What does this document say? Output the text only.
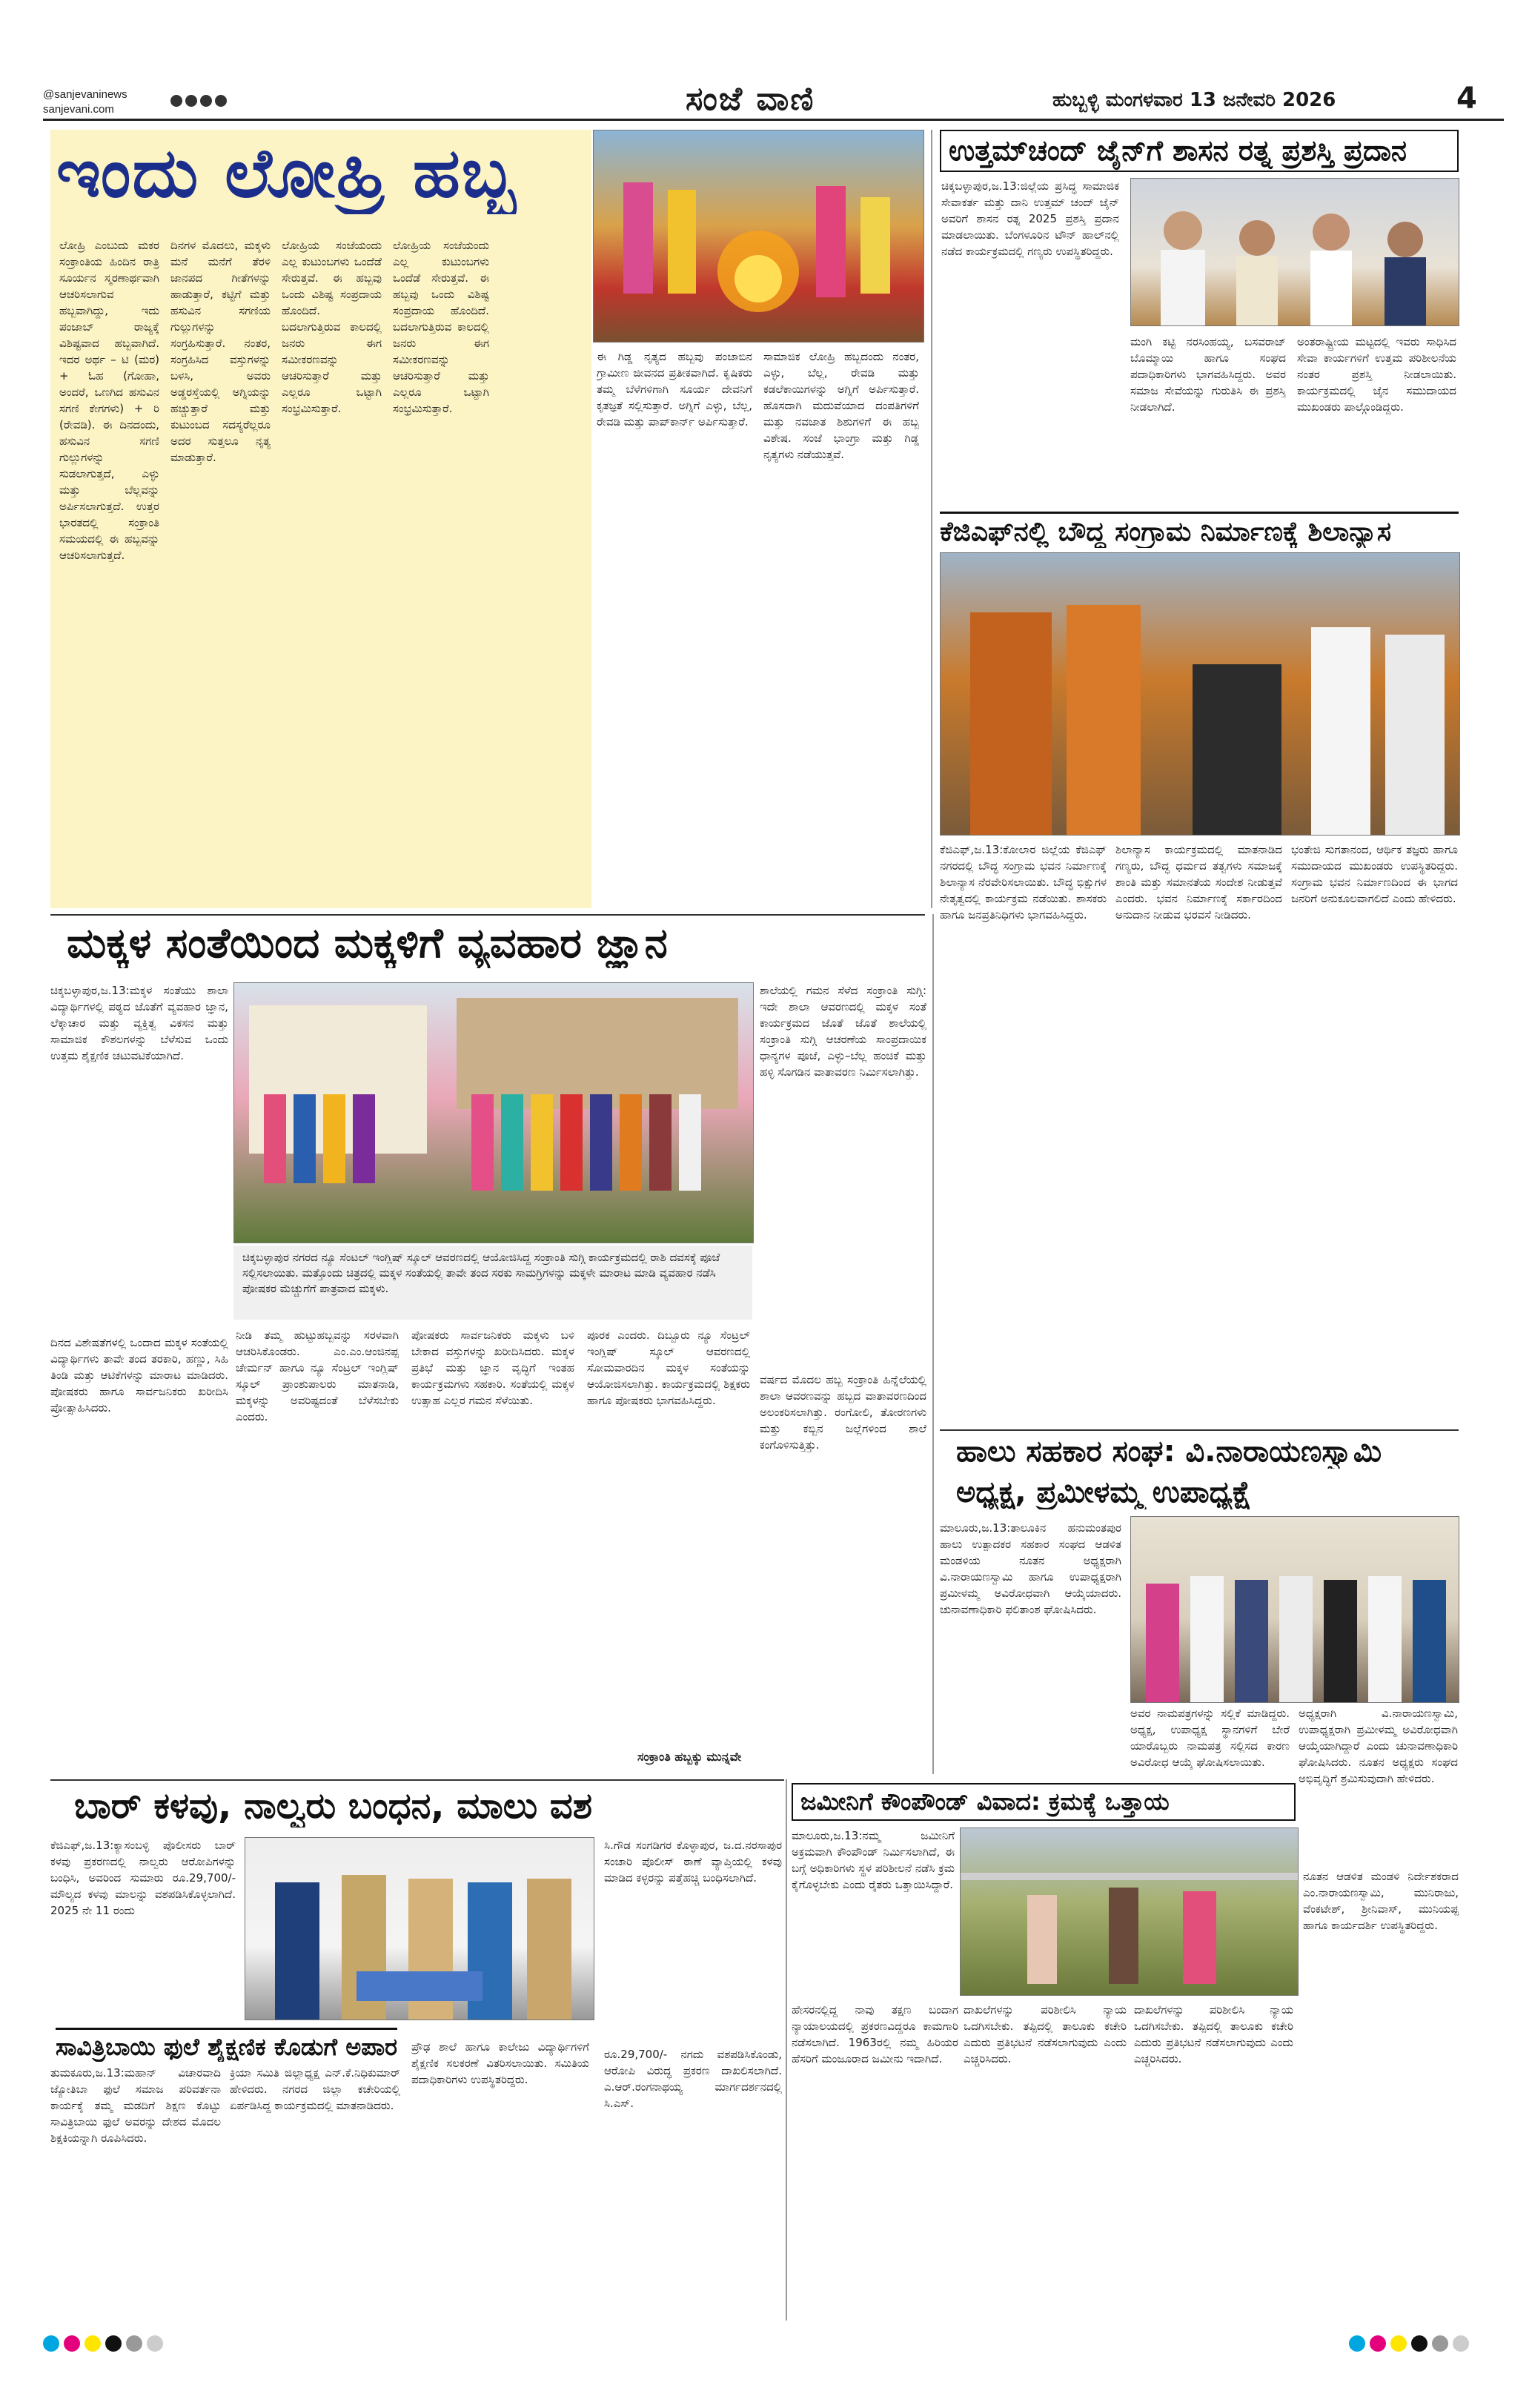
@sanjevaninews
sanjevani.com	ಸಂಜೆ ವಾಣಿ	ಹುಬ್ಬಳ್ಳಿ ಮಂಗಳವಾರ 13 ಜನೇವರಿ 2026	4
ಇಂದು ಲೋಹ್ರಿ ಹಬ್ಬ
ಲೋಹ್ರಿ ಎಂಬುದು ಮಕರ ಸಂಕ್ರಾಂತಿಯ ಹಿಂದಿನ ರಾತ್ರಿ ಸೂರ್ಯನ ಸ್ಮರಣಾರ್ಥವಾಗಿ ಆಚರಿಸಲಾಗುವ ಹಬ್ಬವಾಗಿದ್ದು, ಇದು ಪಂಜಾಬ್ ರಾಜ್ಯಕ್ಕೆ ವಿಶಿಷ್ಟವಾದ ಹಬ್ಬವಾಗಿದೆ. ಇದರ ಅರ್ಥ – ಟಿ (ಮರ) + ಓಹ (ಗೋಹಾ, ಅಂದರೆ, ಒಣಗಿದ ಹಸುವಿನ ಸಗಣಿ ಕೇಗಗಳು) + ರಿ (ರೇವಡಿ). ಈ ದಿನದಂದು, ಹಸುವಿನ ಸಗಣಿ ಗುಲ್ಲುಗಳನ್ನು ಸುಡಲಾಗುತ್ತದೆ, ಎಳ್ಳು ಮತ್ತು ಬೆಲ್ಲವನ್ನು ಅರ್ಪಿಸಲಾಗುತ್ತದೆ. ಉತ್ತರ ಭಾರತದಲ್ಲಿ ಸಂಕ್ರಾಂತಿ ಸಮಯದಲ್ಲಿ ಈ ಹಬ್ಬವನ್ನು ಆಚರಿಸಲಾಗುತ್ತದೆ.
ದಿನಗಳ ಮೊದಲು, ಮಕ್ಕಳು ಮನೆ ಮನೆಗೆ ತೆರಳಿ ಜಾನಪದ ಗೀತೆಗಳನ್ನು ಹಾಡುತ್ತಾರೆ, ಕಟ್ಟಿಗೆ ಮತ್ತು ಹಸುವಿನ ಸಗಣಿಯ ಗುಲ್ಲುಗಳನ್ನು ಸಂಗ್ರಹಿಸುತ್ತಾರೆ. ನಂತರ, ಸಂಗ್ರಹಿಸಿದ ವಸ್ತುಗಳನ್ನು ಬಳಸಿ, ಅವರು ಅಡ್ಡರಸ್ತೆಯಲ್ಲಿ ಅಗ್ನಿಯನ್ನು ಹಚ್ಚುತ್ತಾರೆ ಮತ್ತು ಕುಟುಂಬದ ಸದಸ್ಯರೆಲ್ಲರೂ ಅದರ ಸುತ್ತಲೂ ನೃತ್ಯ ಮಾಡುತ್ತಾರೆ.
ಲೋಹ್ರಿಯ ಸಂಜೆಯಂದು ಎಲ್ಲ ಕುಟುಂಬಗಳು ಒಂದೆಡೆ ಸೇರುತ್ತವೆ. ಈ ಹಬ್ಬವು ಒಂದು ವಿಶಿಷ್ಟ ಸಂಪ್ರದಾಯ ಹೊಂದಿದೆ. ಬದಲಾಗುತ್ತಿರುವ ಕಾಲದಲ್ಲಿ ಜನರು ಈಗ ಸಮೀಕರಣವನ್ನು ಆಚರಿಸುತ್ತಾರೆ ಮತ್ತು ಎಲ್ಲರೂ ಒಟ್ಟಾಗಿ ಸಂಭ್ರಮಿಸುತ್ತಾರೆ.
ಲೋಹ್ರಿಯ ಸಂಜೆಯಂದು ಎಲ್ಲ ಕುಟುಂಬಗಳು ಒಂದೆಡೆ ಸೇರುತ್ತವೆ. ಈ ಹಬ್ಬವು ಒಂದು ವಿಶಿಷ್ಟ ಸಂಪ್ರದಾಯ ಹೊಂದಿದೆ. ಬದಲಾಗುತ್ತಿರುವ ಕಾಲದಲ್ಲಿ ಜನರು ಈಗ ಸಮೀಕರಣವನ್ನು ಆಚರಿಸುತ್ತಾರೆ ಮತ್ತು ಎಲ್ಲರೂ ಒಟ್ಟಾಗಿ ಸಂಭ್ರಮಿಸುತ್ತಾರೆ.
ಈ ಗಿಡ್ಡ ನೃತ್ಯದ ಹಬ್ಬವು ಪಂಜಾಬಿನ ಗ್ರಾಮೀಣ ಜೀವನದ ಪ್ರತೀಕವಾಗಿದೆ. ಕೃಷಿಕರು ತಮ್ಮ ಬೆಳೆಗಳಿಗಾಗಿ ಸೂರ್ಯ ದೇವನಿಗೆ ಕೃತಜ್ಞತೆ ಸಲ್ಲಿಸುತ್ತಾರೆ. ಅಗ್ನಿಗೆ ಎಳ್ಳು, ಬೆಲ್ಲ, ರೇವಡಿ ಮತ್ತು ಪಾಪ್‌ಕಾರ್ನ್ ಅರ್ಪಿಸುತ್ತಾರೆ.
ಸಾಮಾಜಿಕ ಲೋಹ್ರಿ ಹಬ್ಬದಂದು ನಂತರ, ಎಳ್ಳು, ಬೆಲ್ಲ, ರೇವಡಿ ಮತ್ತು ಕಡಲೆಕಾಯಿಗಳನ್ನು ಅಗ್ನಿಗೆ ಅರ್ಪಿಸುತ್ತಾರೆ. ಹೊಸದಾಗಿ ಮದುವೆಯಾದ ದಂಪತಿಗಳಿಗೆ ಮತ್ತು ನವಜಾತ ಶಿಶುಗಳಿಗೆ ಈ ಹಬ್ಬ ವಿಶೇಷ. ಸಂಜೆ ಭಾಂಗ್ರಾ ಮತ್ತು ಗಿಡ್ಡ ನೃತ್ಯಗಳು ನಡೆಯುತ್ತವೆ.
ಉತ್ತಮ್‌ಚಂದ್ ಜೈನ್‌ಗೆ ಶಾಸನ ರತ್ನ ಪ್ರಶಸ್ತಿ ಪ್ರದಾನ
ಚಿಕ್ಕಬಳ್ಳಾಪುರ,ಜ.13:ಜಿಲ್ಲೆಯ ಪ್ರಸಿದ್ಧ ಸಾಮಾಜಿಕ ಸೇವಾಕರ್ತ ಮತ್ತು ದಾನಿ ಉತ್ತಮ್ ಚಂದ್ ಜೈನ್ ಅವರಿಗೆ ಶಾಸನ ರತ್ನ 2025 ಪ್ರಶಸ್ತಿ ಪ್ರದಾನ ಮಾಡಲಾಯಿತು. ಬೆಂಗಳೂರಿನ ಟೌನ್ ಹಾಲ್‌ನಲ್ಲಿ ನಡೆದ ಕಾರ್ಯಕ್ರಮದಲ್ಲಿ ಗಣ್ಯರು ಉಪಸ್ಥಿತರಿದ್ದರು.
ಮಂಗಿ ಕಟ್ಟಿ ನರಸಿಂಹಯ್ಯ, ಬಸವರಾಜ್ ಬೊಮ್ಮಾಯಿ ಹಾಗೂ ಸಂಘದ ಪದಾಧಿಕಾರಿಗಳು ಭಾಗವಹಿಸಿದ್ದರು. ಅವರ ಸಮಾಜ ಸೇವೆಯನ್ನು ಗುರುತಿಸಿ ಈ ಪ್ರಶಸ್ತಿ ನೀಡಲಾಗಿದೆ.
ಅಂತರಾಷ್ಟ್ರೀಯ ಮಟ್ಟದಲ್ಲಿ ಇವರು ಸಾಧಿಸಿದ ಸೇವಾ ಕಾರ್ಯಗಳಿಗೆ ಉತ್ತಮ ಪರಿಶೀಲನೆಯ ನಂತರ ಪ್ರಶಸ್ತಿ ನೀಡಲಾಯಿತು. ಕಾರ್ಯಕ್ರಮದಲ್ಲಿ ಜೈನ ಸಮುದಾಯದ ಮುಖಂಡರು ಪಾಲ್ಗೊಂಡಿದ್ದರು.
ಕೆಜಿಎಫ್‌ನಲ್ಲಿ ಬೌದ್ಧ ಸಂಗ್ರಾಮ ನಿರ್ಮಾಣಕ್ಕೆ ಶಿಲಾನ್ಯಾಸ
ಕೆಜಿಎಫ್,ಜ.13:ಕೋಲಾರ ಜಿಲ್ಲೆಯ ಕೆಜಿಎಫ್ ನಗರದಲ್ಲಿ ಬೌದ್ಧ ಸಂಗ್ರಾಮ ಭವನ ನಿರ್ಮಾಣಕ್ಕೆ ಶಿಲಾನ್ಯಾಸ ನೆರವೇರಿಸಲಾಯಿತು. ಬೌದ್ಧ ಭಿಕ್ಷುಗಳ ನೇತೃತ್ವದಲ್ಲಿ ಕಾರ್ಯಕ್ರಮ ನಡೆಯಿತು. ಶಾಸಕರು ಹಾಗೂ ಜನಪ್ರತಿನಿಧಿಗಳು ಭಾಗವಹಿಸಿದ್ದರು.
ಶಿಲಾನ್ಯಾಸ ಕಾರ್ಯಕ್ರಮದಲ್ಲಿ ಮಾತನಾಡಿದ ಗಣ್ಯರು, ಬೌದ್ಧ ಧರ್ಮದ ತತ್ವಗಳು ಸಮಾಜಕ್ಕೆ ಶಾಂತಿ ಮತ್ತು ಸಮಾನತೆಯ ಸಂದೇಶ ನೀಡುತ್ತವೆ ಎಂದರು. ಭವನ ನಿರ್ಮಾಣಕ್ಕೆ ಸರ್ಕಾರದಿಂದ ಅನುದಾನ ನೀಡುವ ಭರವಸೆ ನೀಡಿದರು.
ಭಂತೇಜಿ ಸುಗತಾನಂದ, ಆರ್ಥಿಕ ತಜ್ಞರು ಹಾಗೂ ಸಮುದಾಯದ ಮುಖಂಡರು ಉಪಸ್ಥಿತರಿದ್ದರು. ಸಂಗ್ರಾಮ ಭವನ ನಿರ್ಮಾಣದಿಂದ ಈ ಭಾಗದ ಜನರಿಗೆ ಅನುಕೂಲವಾಗಲಿದೆ ಎಂದು ಹೇಳಿದರು.
ಮಕ್ಕಳ ಸಂತೆಯಿಂದ ಮಕ್ಕಳಿಗೆ ವ್ಯವಹಾರ ಜ್ಞಾನ
ಚಿಕ್ಕಬಳ್ಳಾಪುರ,ಜ.13:ಮಕ್ಕಳ ಸಂತೆಯು ಶಾಲಾ ವಿದ್ಯಾರ್ಥಿಗಳಲ್ಲಿ ಪಠ್ಯದ ಜೊತೆಗೆ ವ್ಯವಹಾರ ಜ್ಞಾನ, ಲೆಕ್ಕಾಚಾರ ಮತ್ತು ವ್ಯಕ್ತಿತ್ವ ವಿಕಸನ ಮತ್ತು ಸಾಮಾಜಿಕ ಕೌಶಲಗಳನ್ನು ಬೆಳೆಸುವ ಒಂದು ಉತ್ತಮ ಶೈಕ್ಷಣಿಕ ಚಟುವಟಿಕೆಯಾಗಿದೆ.
ಶಾಲೆಯಲ್ಲಿ ಗಮನ ಸೆಳೆದ ಸಂಕ್ರಾಂತಿ ಸುಗ್ಗಿ: ಇದೇ ಶಾಲಾ ಆವರಣದಲ್ಲಿ ಮಕ್ಕಳ ಸಂತೆ ಕಾರ್ಯಕ್ರಮದ ಜೊತೆ ಜೊತೆ ಶಾಲೆಯಲ್ಲಿ ಸಂಕ್ರಾಂತಿ ಸುಗ್ಗಿ ಆಚರಣೆಯ ಸಾಂಪ್ರದಾಯಿಕ ಧಾನ್ಯಗಳ ಪೂಜೆ, ಎಳ್ಳು–ಬೆಲ್ಲ ಹಂಚಿಕೆ ಮತ್ತು ಹಳ್ಳಿ ಸೊಗಡಿನ ವಾತಾವರಣ ನಿರ್ಮಿಸಲಾಗಿತ್ತು.
ಚಿಕ್ಕಬಳ್ಳಾಪುರ ನಗರದ ನ್ಯೂ ಸೆಂಟಲ್ ಇಂಗ್ಲಿಷ್ ಸ್ಕೂಲ್ ಆವರಣದಲ್ಲಿ ಆಯೋಜಿಸಿದ್ದ ಸಂಕ್ರಾಂತಿ ಸುಗ್ಗಿ ಕಾರ್ಯಕ್ರಮದಲ್ಲಿ ರಾಶಿ ದವಸಕ್ಕೆ ಪೂಜೆ ಸಲ್ಲಿಸಲಾಯಿತು. ಮತ್ತೊಂದು ಚಿತ್ರದಲ್ಲಿ ಮಕ್ಕಳ ಸಂತೆಯಲ್ಲಿ ತಾವೇ ತಂದ ಸರಕು ಸಾಮಗ್ರಿಗಳನ್ನು ಮಕ್ಕಳೇ ಮಾರಾಟ ಮಾಡಿ ವ್ಯವಹಾರ ನಡೆಸಿ ಪೋಷಕರ ಮೆಚ್ಚುಗೆಗೆ ಪಾತ್ರವಾದ ಮಕ್ಕಳು.
ದಿನದ ವಿಶೇಷತೆಗಳಲ್ಲಿ ಒಂದಾದ ಮಕ್ಕಳ ಸಂತೆಯಲ್ಲಿ ವಿದ್ಯಾರ್ಥಿಗಳು ತಾವೇ ತಂದ ತರಕಾರಿ, ಹಣ್ಣು, ಸಿಹಿ ತಿಂಡಿ ಮತ್ತು ಆಟಿಕೆಗಳನ್ನು ಮಾರಾಟ ಮಾಡಿದರು. ಪೋಷಕರು ಹಾಗೂ ಸಾರ್ವಜನಿಕರು ಖರೀದಿಸಿ ಪ್ರೋತ್ಸಾಹಿಸಿದರು.
ನೀಡಿ ತಮ್ಮ ಹುಟ್ಟುಹಬ್ಬವನ್ನು ಸರಳವಾಗಿ ಆಚರಿಸಿಕೊಂಡರು. ಎಂ.ಎಂ.ಆಂಜಿನಪ್ಪ ಚೇರ್ಮನ್ ಹಾಗೂ ನ್ಯೂ ಸೆಂಟ್ರಲ್ ಇಂಗ್ಲಿಷ್ ಸ್ಕೂಲ್ ಪ್ರಾಂಶುಪಾಲರು ಮಾತನಾಡಿ, ಮಕ್ಕಳನ್ನು ಅವರಿಷ್ಟದಂತೆ ಬೆಳೆಸಬೇಕು ಎಂದರು.
ಪೋಷಕರು ಸಾರ್ವಜನಿಕರು ಮಕ್ಕಳು ಬಳಿ ಬೇಕಾದ ವಸ್ತುಗಳನ್ನು ಖರೀದಿಸಿದರು. ಮಕ್ಕಳ ಪ್ರತಿಭೆ ಮತ್ತು ಜ್ಞಾನ ವೃದ್ಧಿಗೆ ಇಂತಹ ಕಾರ್ಯಕ್ರಮಗಳು ಸಹಕಾರಿ. ಸಂತೆಯಲ್ಲಿ ಮಕ್ಕಳ ಉತ್ಸಾಹ ಎಲ್ಲರ ಗಮನ ಸೆಳೆಯಿತು.
ಪೂರಕ ಎಂದರು. ದಿಬ್ಬೂರು ನ್ಯೂ ಸೆಂಟ್ರಲ್ ಇಂಗ್ಲಿಷ್ ಸ್ಕೂಲ್ ಆವರಣದಲ್ಲಿ ಸೋಮವಾರದಿನ ಮಕ್ಕಳ ಸಂತೆಯನ್ನು ಆಯೋಜಿಸಲಾಗಿತ್ತು. ಕಾರ್ಯಕ್ರಮದಲ್ಲಿ ಶಿಕ್ಷಕರು ಹಾಗೂ ಪೋಷಕರು ಭಾಗವಹಿಸಿದ್ದರು.
ವರ್ಷದ ಮೊದಲ ಹಬ್ಬ ಸಂಕ್ರಾಂತಿ ಹಿನ್ನೆಲೆಯಲ್ಲಿ ಶಾಲಾ ಆವರಣವನ್ನು ಹಬ್ಬದ ವಾತಾವರಣದಿಂದ ಅಲಂಕರಿಸಲಾಗಿತ್ತು. ರಂಗೋಲಿ, ತೋರಣಗಳು ಮತ್ತು ಕಬ್ಬಿನ ಜಲ್ಲೆಗಳಿಂದ ಶಾಲೆ ಕಂಗೊಳಿಸುತ್ತಿತ್ತು.
ಸಂಕ್ರಾಂತಿ ಹಬ್ಬಕ್ಕು ಮುನ್ನವೇ
ಹಾಲು ಸಹಕಾರ ಸಂಘ: ವಿ.ನಾರಾಯಣಸ್ವಾಮಿ
ಅಧ್ಯಕ್ಷ, ಪ್ರಮೀಳಮ್ಮ ಉಪಾಧ್ಯಕ್ಷೆ
ಮಾಲೂರು,ಜ.13:ತಾಲೂಕಿನ ಹನುಮಂತಪುರ ಹಾಲು ಉತ್ಪಾದಕರ ಸಹಕಾರ ಸಂಘದ ಆಡಳಿತ ಮಂಡಳಿಯ ನೂತನ ಅಧ್ಯಕ್ಷರಾಗಿ ವಿ.ನಾರಾಯಣಸ್ವಾಮಿ ಹಾಗೂ ಉಪಾಧ್ಯಕ್ಷರಾಗಿ ಪ್ರಮೀಳಮ್ಮ ಅವಿರೋಧವಾಗಿ ಆಯ್ಕೆಯಾದರು. ಚುನಾವಣಾಧಿಕಾರಿ ಫಲಿತಾಂಶ ಘೋಷಿಸಿದರು.
ಅವರ ನಾಮಪತ್ರಗಳನ್ನು ಸಲ್ಲಿಕೆ ಮಾಡಿದ್ದರು. ಅಧ್ಯಕ್ಷ, ಉಪಾಧ್ಯಕ್ಷ ಸ್ಥಾನಗಳಿಗೆ ಬೇರೆ ಯಾರೊಬ್ಬರು ನಾಮಪತ್ರ ಸಲ್ಲಿಸದ ಕಾರಣ ಅವಿರೋಧ ಆಯ್ಕೆ ಘೋಷಿಸಲಾಯಿತು.
ಅಧ್ಯಕ್ಷರಾಗಿ ವಿ.ನಾರಾಯಣಸ್ವಾಮಿ, ಉಪಾಧ್ಯಕ್ಷರಾಗಿ ಪ್ರಮೀಳಮ್ಮ ಅವಿರೋಧವಾಗಿ ಆಯ್ಕೆಯಾಗಿದ್ದಾರೆ ಎಂದು ಚುನಾವಣಾಧಿಕಾರಿ ಘೋಷಿಸಿದರು. ನೂತನ ಅಧ್ಯಕ್ಷರು ಸಂಘದ ಅಭಿವೃದ್ಧಿಗೆ ಶ್ರಮಿಸುವುದಾಗಿ ಹೇಳಿದರು.
ಬಾರ್ ಕಳವು, ನಾಲ್ವರು ಬಂಧನ, ಮಾಲು ವಶ
ಕೆಜಿಎಫ್,ಜ.13:ಕ್ಯಾಸಂಬಳ್ಳಿ ಪೊಲೀಸರು ಬಾರ್ ಕಳವು ಪ್ರಕರಣದಲ್ಲಿ ನಾಲ್ವರು ಆರೋಪಿಗಳನ್ನು ಬಂಧಿಸಿ, ಅವರಿಂದ ಸುಮಾರು ರೂ.29,700/- ಮೌಲ್ಯದ ಕಳವು ಮಾಲನ್ನು ವಶಪಡಿಸಿಕೊಳ್ಳಲಾಗಿದೆ. 2025 ನೇ 11 ರಂದು
ಸಿ.ಗೌಡ ಸಂಗಡಿಗರ ಕೊಳ್ಳಾಪುರ, ಜ.ದ.ನರಸಾಪುರ ಸಂಚಾರಿ ಪೊಲೀಸ್ ಠಾಣೆ ವ್ಯಾಪ್ತಿಯಲ್ಲಿ ಕಳವು ಮಾಡಿದ ಕಳ್ಳರನ್ನು ಪತ್ತೆಹಚ್ಚಿ ಬಂಧಿಸಲಾಗಿದೆ.
ಸಾವಿತ್ರಿಬಾಯಿ ಫುಲೆ ಶೈಕ್ಷಣಿಕ ಕೊಡುಗೆ ಅಪಾರ
ತುಮಕೂರು,ಜ.13:ಮಹಾನ್ ವಿಚಾರವಾದಿ ಜ್ಯೋತಿಬಾ ಫುಲೆ ಸಮಾಜ ಪರಿವರ್ತನಾ ಕಾರ್ಯಕ್ಕೆ ತಮ್ಮ ಮಡದಿಗೆ ಶಿಕ್ಷಣ ಕೊಟ್ಟು ಸಾವಿತ್ರಿಬಾಯಿ ಫುಲೆ ಅವರನ್ನು ದೇಶದ ಮೊದಲ ಶಿಕ್ಷಕಿಯನ್ನಾಗಿ ರೂಪಿಸಿದರು.
ಕ್ರಿಯಾ ಸಮಿತಿ ಜಿಲ್ಲಾಧ್ಯಕ್ಷ ಎನ್.ಕೆ.ನಿಧಿಕುಮಾರ್ ಹೇಳಿದರು. ನಗರದ ಜಿಲ್ಲಾ ಕಚೇರಿಯಲ್ಲಿ ಏರ್ಪಡಿಸಿದ್ದ ಕಾರ್ಯಕ್ರಮದಲ್ಲಿ ಮಾತನಾಡಿದರು.
ಪ್ರೌಢ ಶಾಲೆ ಹಾಗೂ ಕಾಲೇಜು ವಿದ್ಯಾರ್ಥಿಗಳಿಗೆ ಶೈಕ್ಷಣಿಕ ಸಲಕರಣೆ ವಿತರಿಸಲಾಯಿತು. ಸಮಿತಿಯ ಪದಾಧಿಕಾರಿಗಳು ಉಪಸ್ಥಿತರಿದ್ದರು.
ರೂ.29,700/- ನಗದು ವಶಪಡಿಸಿಕೊಂಡು, ಆರೋಪಿ ವಿರುದ್ಧ ಪ್ರಕರಣ ದಾಖಲಿಸಲಾಗಿದೆ. ಎ.ಆರ್.ರಂಗನಾಥಯ್ಯ ಮಾರ್ಗದರ್ಶನದಲ್ಲಿ ಸಿ.ಎಸ್.
ಜಮೀನಿಗೆ ಕೌಂಪೌಂಡ್ ವಿವಾದ: ಕ್ರಮಕ್ಕೆ ಒತ್ತಾಯ
ಮಾಲೂರು,ಜ.13:ನಮ್ಮ ಜಮೀನಿಗೆ ಅಕ್ರಮವಾಗಿ ಕೌಂಪೌಂಡ್ ನಿರ್ಮಿಸಲಾಗಿದೆ, ಈ ಬಗ್ಗೆ ಅಧಿಕಾರಿಗಳು ಸ್ಥಳ ಪರಿಶೀಲನೆ ನಡೆಸಿ ಕ್ರಮ ಕೈಗೊಳ್ಳಬೇಕು ಎಂದು ರೈತರು ಒತ್ತಾಯಿಸಿದ್ದಾರೆ.
ಹೇಸರನಲ್ಲಿದ್ದ ನಾವು ತಕ್ಷಣ ಬಂದಾಗ ನ್ಯಾಯಾಲಯದಲ್ಲಿ ಪ್ರಕರಣವಿದ್ದರೂ ಕಾಮಗಾರಿ ನಡೆಸಲಾಗಿದೆ. 1963ರಲ್ಲಿ ನಮ್ಮ ಹಿರಿಯರ ಹೆಸರಿಗೆ ಮಂಜೂರಾದ ಜಮೀನು ಇದಾಗಿದೆ.
ದಾಖಲೆಗಳನ್ನು ಪರಿಶೀಲಿಸಿ ನ್ಯಾಯ ಒದಗಿಸಬೇಕು. ತಪ್ಪಿದಲ್ಲಿ ತಾಲೂಕು ಕಚೇರಿ ಎದುರು ಪ್ರತಿಭಟನೆ ನಡೆಸಲಾಗುವುದು ಎಂದು ಎಚ್ಚರಿಸಿದರು.
ದಾಖಲೆಗಳನ್ನು ಪರಿಶೀಲಿಸಿ ನ್ಯಾಯ ಒದಗಿಸಬೇಕು. ತಪ್ಪಿದಲ್ಲಿ ತಾಲೂಕು ಕಚೇರಿ ಎದುರು ಪ್ರತಿಭಟನೆ ನಡೆಸಲಾಗುವುದು ಎಂದು ಎಚ್ಚರಿಸಿದರು.
ನೂತನ ಆಡಳಿತ ಮಂಡಳಿ ನಿರ್ದೇಶಕರಾದ ಎಂ.ನಾರಾಯಣಸ್ವಾಮಿ, ಮುನಿರಾಜು, ವೆಂಕಟೇಶ್, ಶ್ರೀನಿವಾಸ್, ಮುನಿಯಪ್ಪ ಹಾಗೂ ಕಾರ್ಯದರ್ಶಿ ಉಪಸ್ಥಿತರಿದ್ದರು.
